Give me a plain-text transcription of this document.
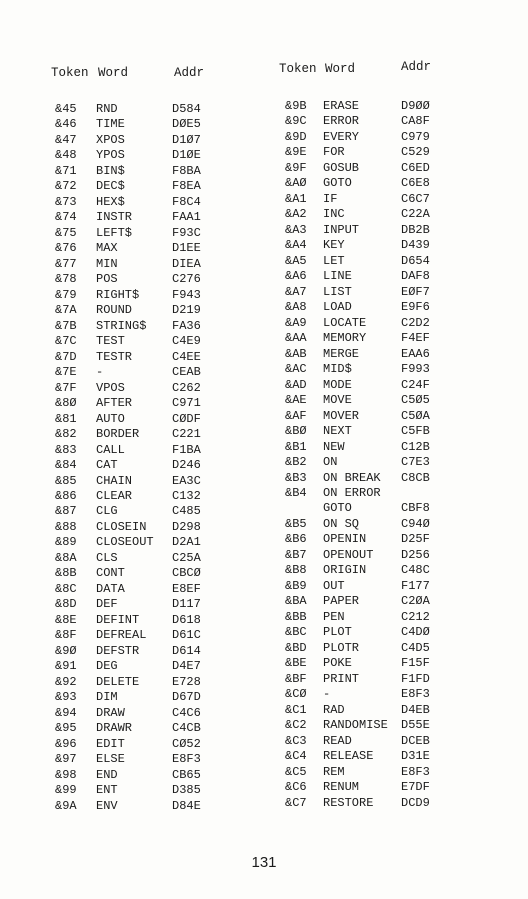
Token Word	Addr	Token Word	Addr
&45 RND	D584
&46 TIME	DØE5
&47 XPOS	D1Ø7
&48 YPOS	D1ØE
&71 BIN$	F8BA
&72 DEC$	F8EA
&73 HEX$	F8C4
&74 INSTR	FAA1
&75 LEFT$	F93C
&76 MAX	D1EE
&77 MIN	DIEA
&78 POS	C276
&79 RIGHT$	F943
&7A ROUND	D219
&7B STRING$ FA36
&7C TEST	C4E9
&7D TESTR	C4EE
&7E -	CEAB
&7F VPOS	C262
&8Ø AFTER	C971
&81 AUTO	CØDF
&82 BORDER	C221
&83 CALL	F1BA
&84 CAT	D246
&85 CHAIN	EA3C
&86 CLEAR	C132
&87 CLG	C485
&88 CLOSEIN D298
&89 CLOSEOUT D2A1
&8A CLS	C25A
&8B CONT	CBCØ
&8C DATA	E8EF
&8D DEF	D117
&8E DEFINT	D618
&8F DEFREAL D61C
&9Ø DEFSTR	D614
&91 DEG	D4E7
&92 DELETE	E728
&93 DIM	D67D
&94 DRAW	C4C6
&95 DRAWR	C4CB
&96 EDIT	CØ52
&97 ELSE	E8F3
&98 END	CB65
&99 ENT	D385
&9A ENV	D84E
&9B ERASE	D9ØØ
&9C ERROR	CA8F
&9D EVERY	C979
&9E FOR	C529
&9F GOSUB	C6ED
&AØ GOTO	C6E8
&A1 IF	C6C7
&A2 INC	C22A
&A3 INPUT	DB2B
&A4 KEY	D439
&A5 LET	D654
&A6 LINE	DAF8
&A7 LIST	EØF7
&A8 LOAD	E9F6
&A9 LOCATE	C2D2
&AA MEMORY	F4EF
&AB MERGE	EAA6
&AC MID$	F993
&AD MODE	C24F
&AE MOVE	C5Ø5
&AF MOVER	C5ØA
&BØ NEXT	C5FB
&B1 NEW	C12B
&B2 ON	C7E3
&B3 ON BREAK C8CB
&B4 ON ERROR
GOTO	CBF8
&B5 ON SQ	C94Ø
&B6 OPENIN	D25F
&B7 OPENOUT D256
&B8 ORIGIN	C48C
&B9 OUT	F177
&BA PAPER	C2ØA
&BB PEN	C212
&BC PLOT	C4DØ
&BD PLOTR	C4D5
&BE POKE	F15F
&BF PRINT	F1FD
&CØ -	E8F3
&C1 RAD	D4EB
&C2 RANDOMISE D55E
&C3 READ	DCEB
&C4 RELEASE D31E
&C5 REM	E8F3
&C6 RENUM	E7DF
&C7 RESTORE DCD9
131
